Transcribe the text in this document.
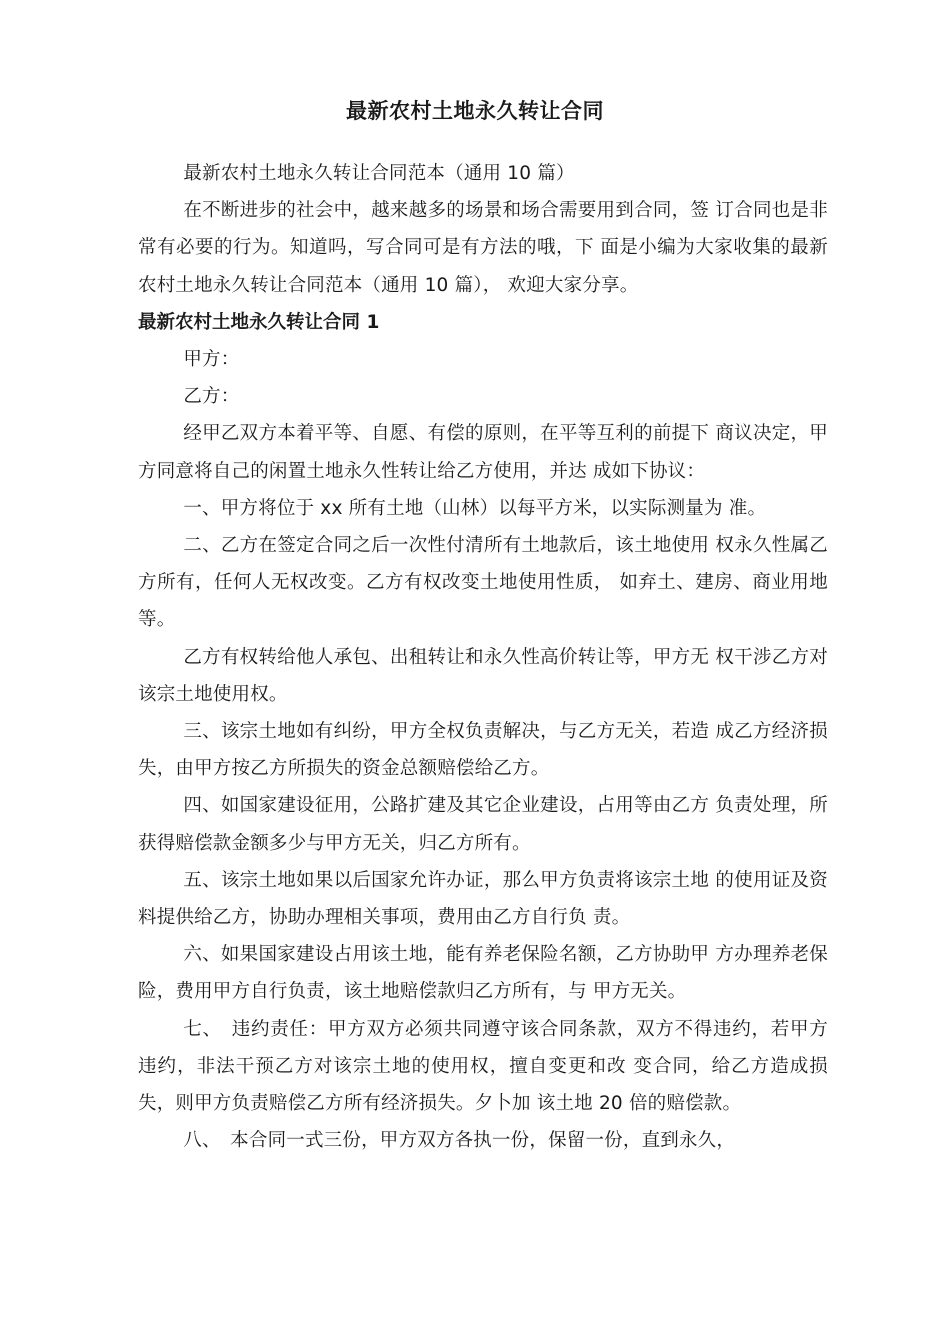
最新农村土地永久转让合同

最新农村土地永久转让合同范本（通用 10 篇）

在不断进步的社会中，越来越多的场景和场合需要用到合同，签 订合同也是非常有必要的行为。知道吗，写合同可是有方法的哦，下 面是小编为大家收集的最新农村土地永久转让合同范本（通用 10 篇）， 欢迎大家分享。

最新农村土地永久转让合同 1

甲方：

乙方：

经甲乙双方本着平等、自愿、有偿的原则，在平等互利的前提下 商议决定，甲方同意将自己的闲置土地永久性转让给乙方使用，并达 成如下协议：

一、甲方将位于 xx 所有土地（山林）以每平方米，以实际测量为 准。

二、乙方在签定合同之后一次性付清所有土地款后，该土地使用 权永久性属乙方所有，任何人无权改变。乙方有权改变土地使用性质， 如弃土、建房、商业用地等。

乙方有权转给他人承包、出租转让和永久性高价转让等，甲方无 权干涉乙方对该宗土地使用权。

三、该宗土地如有纠纷，甲方全权负责解决，与乙方无关，若造 成乙方经济损失，由甲方按乙方所损失的资金总额赔偿给乙方。

四、如国家建设征用，公路扩建及其它企业建设，占用等由乙方 负责处理，所获得赔偿款金额多少与甲方无关，归乙方所有。

五、该宗土地如果以后国家允许办证，那么甲方负责将该宗土地 的使用证及资料提供给乙方，协助办理相关事项，费用由乙方自行负 责。

六、如果国家建设占用该土地，能有养老保险名额，乙方协助甲 方办理养老保险，费用甲方自行负责，该土地赔偿款归乙方所有，与 甲方无关。

七、　违约责任：甲方双方必须共同遵守该合同条款，双方不得违约，若甲方违约，非法干预乙方对该宗土地的使用权，擅自变更和改 变合同，给乙方造成损失，则甲方负责赔偿乙方所有经济损失。夕卜加 该土地 20 倍的赔偿款。

八、　本合同一式三份，甲方双方各执一份，保留一份，直到永久，
